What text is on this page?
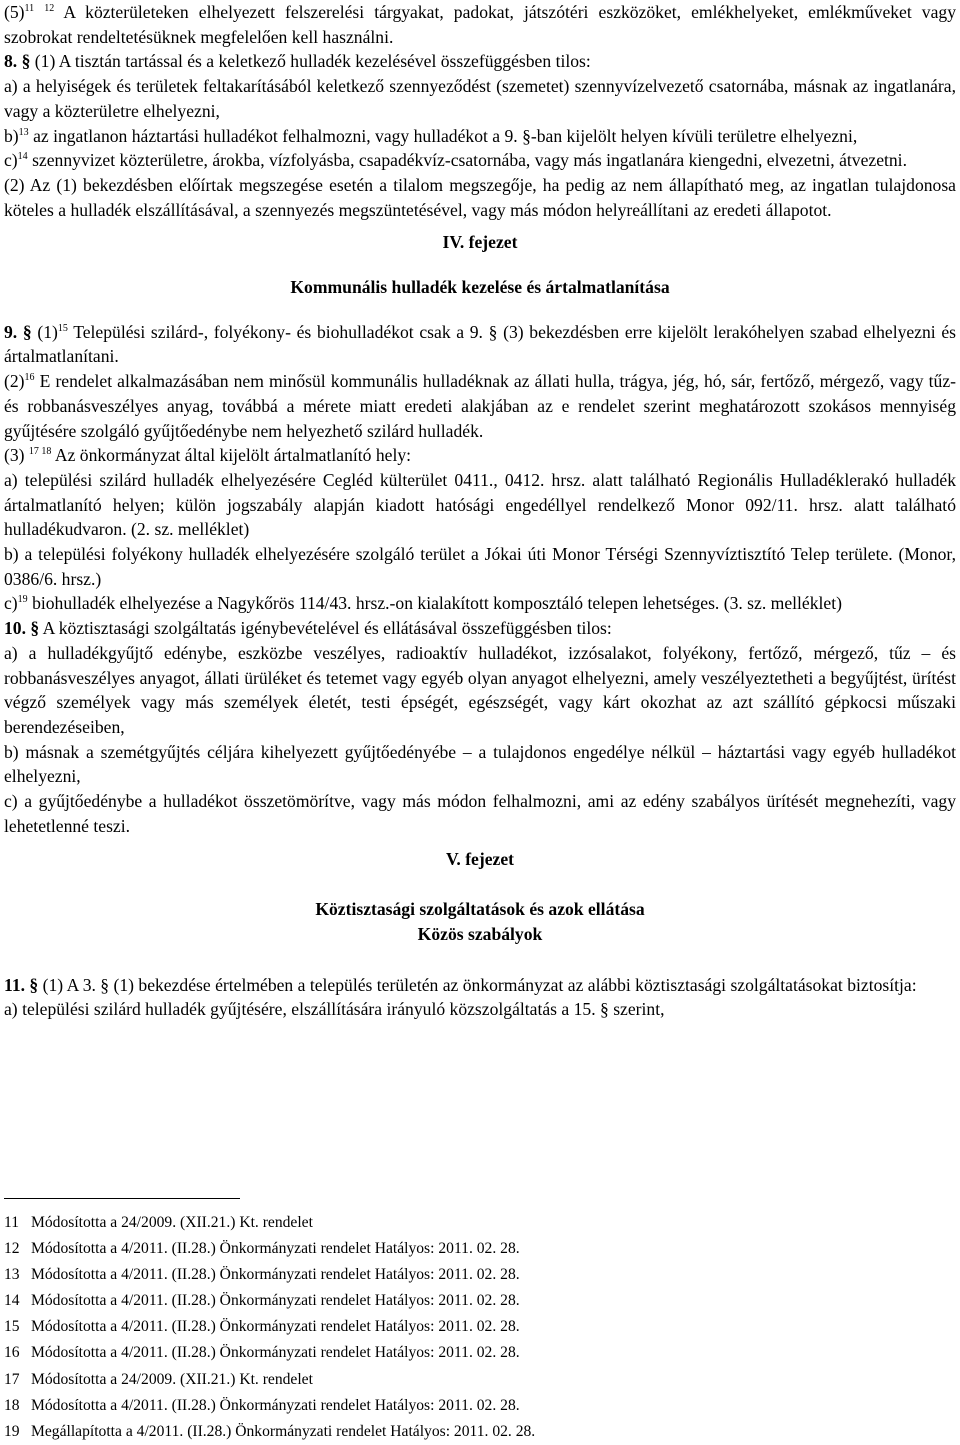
$(5)^{11}$ $^{12}$ A közterületeken elhelyezett felszerelési tárgyakat, padokat, játszótéri eszközöket, emlékhelyeket, emlékműveket vagy szobrokat rendeltetésüknek megfelelően kell használni.

8. § (1) A tisztán tartással és a keletkező hulladék kezelésével összefüggésben tilos:

a) a helyiségek és területek feltakarításából keletkező szennyeződést (szemetet) szennyvízelvezető csatornába, másnak az ingatlanára, vagy a közterületre elhelyezni,

b)$^{13}$ az ingatlanon háztartási hulladékot felhalmozni, vagy hulladékot a 9. §-ban kijelölt helyen kívüli területre elhelyezni,

c)$^{14}$ szennyvizet közterületre, árokba, vízfolyásba, csapadékvíz-csatornába, vagy más ingatlanára kiengedni, elvezetni, átvezetni.

(2) Az (1) bekezdésben előírtak megszegése esetén a tilalom megszegője, ha pedig az nem állapítható meg, az ingatlan tulajdonosa köteles a hulladék elszállításával, a szennyezés megszüntetésével, vagy más módon helyreállítani az eredeti állapotot.

IV. fejezet

Kommunális hulladék kezelése és ártalmatlanítása

9. § $(1)^{15}$ Települési szilárd-, folyékony- és biohulladékot csak a 9. § (3) bekezdésben erre kijelölt lerakóhelyen szabad elhelyezni és ártalmatlanítani.

$(2)^{16}$ E rendelet alkalmazásában nem minősül kommunális hulladéknak az állati hulla, trágya, jég, hó, sár, fertőző, mérgező, vagy tűz- és robbanásveszélyes anyag, továbbá a mérete miatt eredeti alakjában az e rendelet szerint meghatározott szokásos mennyiség gyűjtésére szolgáló gyűjtőedénybe nem helyezhető szilárd hulladék.

(3) $^{17 18}$ Az önkormányzat által kijelölt ártalmatlanító hely:

a) települési szilárd hulladék elhelyezésére Cegléd külterület 0411., 0412. hrsz. alatt található Regionális Hulladéklerakó hulladék ártalmatlanító helyen; külön jogszabály alapján kiadott hatósági engedéllyel rendelkező Monor 092/11. hrsz. alatt található hulladékudvaron. (2. sz. melléklet)

b) a települési folyékony hulladék elhelyezésére szolgáló terület a Jókai úti Monor Térségi Szennyvíztisztító Telep területe. (Monor, 0386/6. hrsz.)

c)$^{19}$ biohulladék elhelyezése a Nagykőrös 114/43. hrsz.-on kialakított komposztáló telepen lehetséges. (3. sz. melléklet)

10. § A köztisztasági szolgáltatás igénybevételével és ellátásával összefüggésben tilos:

a) a hulladékgyűjtő edénybe, eszközbe veszélyes, radioaktív hulladékot, izzósalakot, folyékony, fertőző, mérgező, tűz – és robbanásveszélyes anyagot, állati ürüléket és tetemet vagy egyéb olyan anyagot elhelyezni, amely veszélyeztetheti a begyűjtést, ürítést végző személyek vagy más személyek életét, testi épségét, egészségét, vagy kárt okozhat az azt szállító gépkocsi műszaki berendezéseiben,

b) másnak a szemétgyűjtés céljára kihelyezett gyűjtőedényébe – a tulajdonos engedélye nélkül – háztartási vagy egyéb hulladékot elhelyezni,

c) a gyűjtőedénybe a hulladékot összetömörítve, vagy más módon felhalmozni, ami az edény szabályos ürítését megnehezíti, vagy lehetetlenné teszi.

V. fejezet

Köztisztasági szolgáltatások és azok ellátása

Közös szabályok

11. § (1) A 3. § (1) bekezdése értelmében a település területén az önkormányzat az alábbi köztisztasági szolgáltatásokat biztosítja:

a) települési szilárd hulladék gyűjtésére, elszállítására irányuló közszolgáltatás a 15. § szerint,

11 Módosította a 24/2009. (XII.21.) Kt. rendelet
12 Módosította a 4/2011. (II.28.) Önkormányzati rendelet Hatályos: 2011. 02. 28.
13 Módosította a 4/2011. (II.28.) Önkormányzati rendelet Hatályos: 2011. 02. 28.
14 Módosította a 4/2011. (II.28.) Önkormányzati rendelet Hatályos: 2011. 02. 28.
15 Módosította a 4/2011. (II.28.) Önkormányzati rendelet Hatályos: 2011. 02. 28.
16 Módosította a 4/2011. (II.28.) Önkormányzati rendelet Hatályos: 2011. 02. 28.
17 Módosította a 24/2009. (XII.21.) Kt. rendelet
18 Módosította a 4/2011. (II.28.) Önkormányzati rendelet Hatályos: 2011. 02. 28.
19 Megállapította a 4/2011. (II.28.) Önkormányzati rendelet Hatályos: 2011. 02. 28.
